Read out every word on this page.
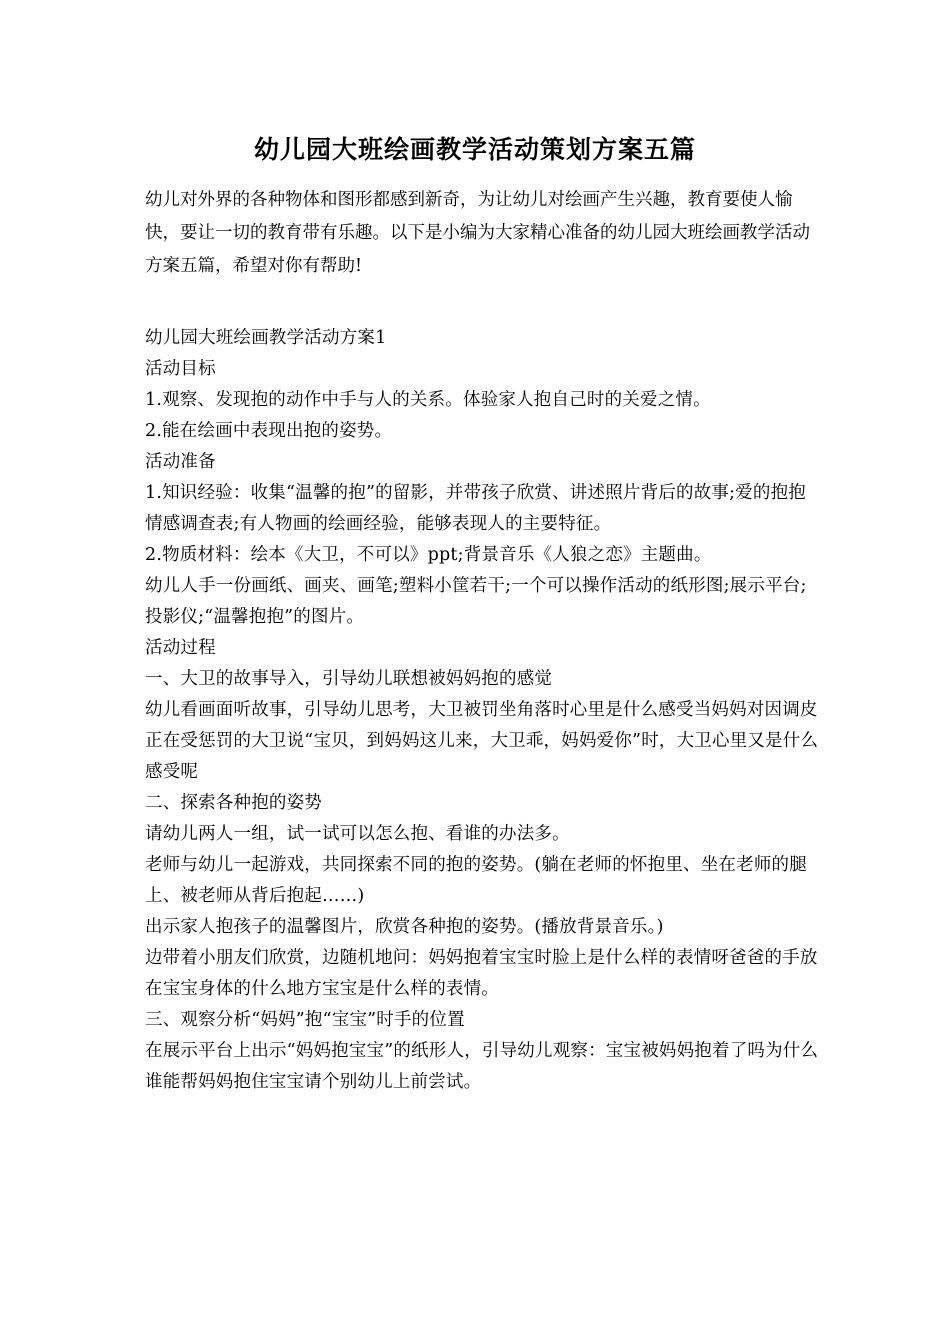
幼儿园大班绘画教学活动策划方案五篇

幼儿对外界的各种物体和图形都感到新奇，为让幼儿对绘画产生兴趣，教育要使人愉快，要让一切的教育带有乐趣。以下是小编为大家精心准备的幼儿园大班绘画教学活动方案五篇，希望对你有帮助!

幼儿园大班绘画教学活动方案1

活动目标

1.观察、发现抱的动作中手与人的关系。体验家人抱自己时的关爱之情。

2.能在绘画中表现出抱的姿势。

活动准备

1.知识经验：收集“温馨的抱”的留影，并带孩子欣赏、讲述照片背后的故事;爱的抱抱情感调查表;有人物画的绘画经验，能够表现人的主要特征。

2.物质材料：绘本《大卫，不可以》ppt;背景音乐《人狼之恋》主题曲。

幼儿人手一份画纸、画夹、画笔;塑料小筐若干;一个可以操作活动的纸形图;展示平台;投影仪;“温馨抱抱”的图片。

活动过程

一、大卫的故事导入，引导幼儿联想被妈妈抱的感觉

幼儿看画面听故事，引导幼儿思考，大卫被罚坐角落时心里是什么感受当妈妈对因调皮正在受惩罚的大卫说“宝贝，到妈妈这儿来，大卫乖，妈妈爱你”时，大卫心里又是什么感受呢

二、探索各种抱的姿势

请幼儿两人一组，试一试可以怎么抱、看谁的办法多。

老师与幼儿一起游戏，共同探索不同的抱的姿势。(躺在老师的怀抱里、坐在老师的腿上、被老师从背后抱起……)

出示家人抱孩子的温馨图片，欣赏各种抱的姿势。(播放背景音乐。)

边带着小朋友们欣赏，边随机地问：妈妈抱着宝宝时脸上是什么样的表情呀爸爸的手放在宝宝身体的什么地方宝宝是什么样的表情。

三、观察分析“妈妈”抱“宝宝”时手的位置

在展示平台上出示“妈妈抱宝宝”的纸形人，引导幼儿观察：宝宝被妈妈抱着了吗为什么谁能帮妈妈抱住宝宝请个别幼儿上前尝试。
